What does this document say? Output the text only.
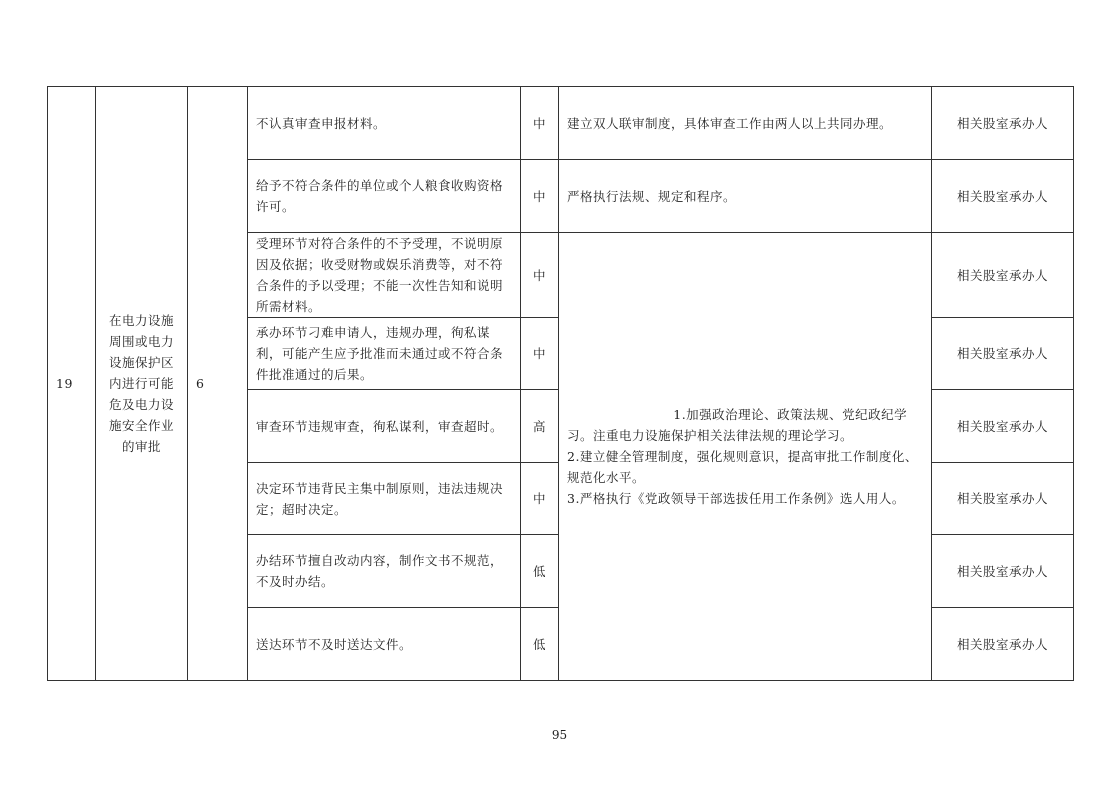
19	在电力设施周围或电力设施保护区内进行可能危及电力设施安全作业的审批	6	不认真审查申报材料。	中	建立双人联审制度，具体审查工作由两人以上共同办理。	相关股室承办人
			给予不符合条件的单位或个人粮食收购资格许可。	中	严格执行法规、规定和程序。	相关股室承办人
			受理环节对符合条件的不予受理，不说明原因及依据；收受财物或娱乐消费等，对不符合条件的予以受理；不能一次性告知和说明所需材料。	中	1.加强政治理论、政策法规、党纪政纪学习。注重电力设施保护相关法律法规的理论学习。
2.建立健全管理制度，强化规则意识，提高审批工作制度化、规范化水平。
3.严格执行《党政领导干部选拔任用工作条例》选人用人。	相关股室承办人
			承办环节刁难申请人，违规办理，徇私谋利，可能产生应予批准而未通过或不符合条件批准通过的后果。	中		相关股室承办人
			审查环节违规审查，徇私谋利，审查超时。	高		相关股室承办人
			决定环节违背民主集中制原则，违法违规决定；超时决定。	中		相关股室承办人
			办结环节擅自改动内容，制作文书不规范，不及时办结。	低		相关股室承办人
			送达环节不及时送达文件。	低		相关股室承办人
95
